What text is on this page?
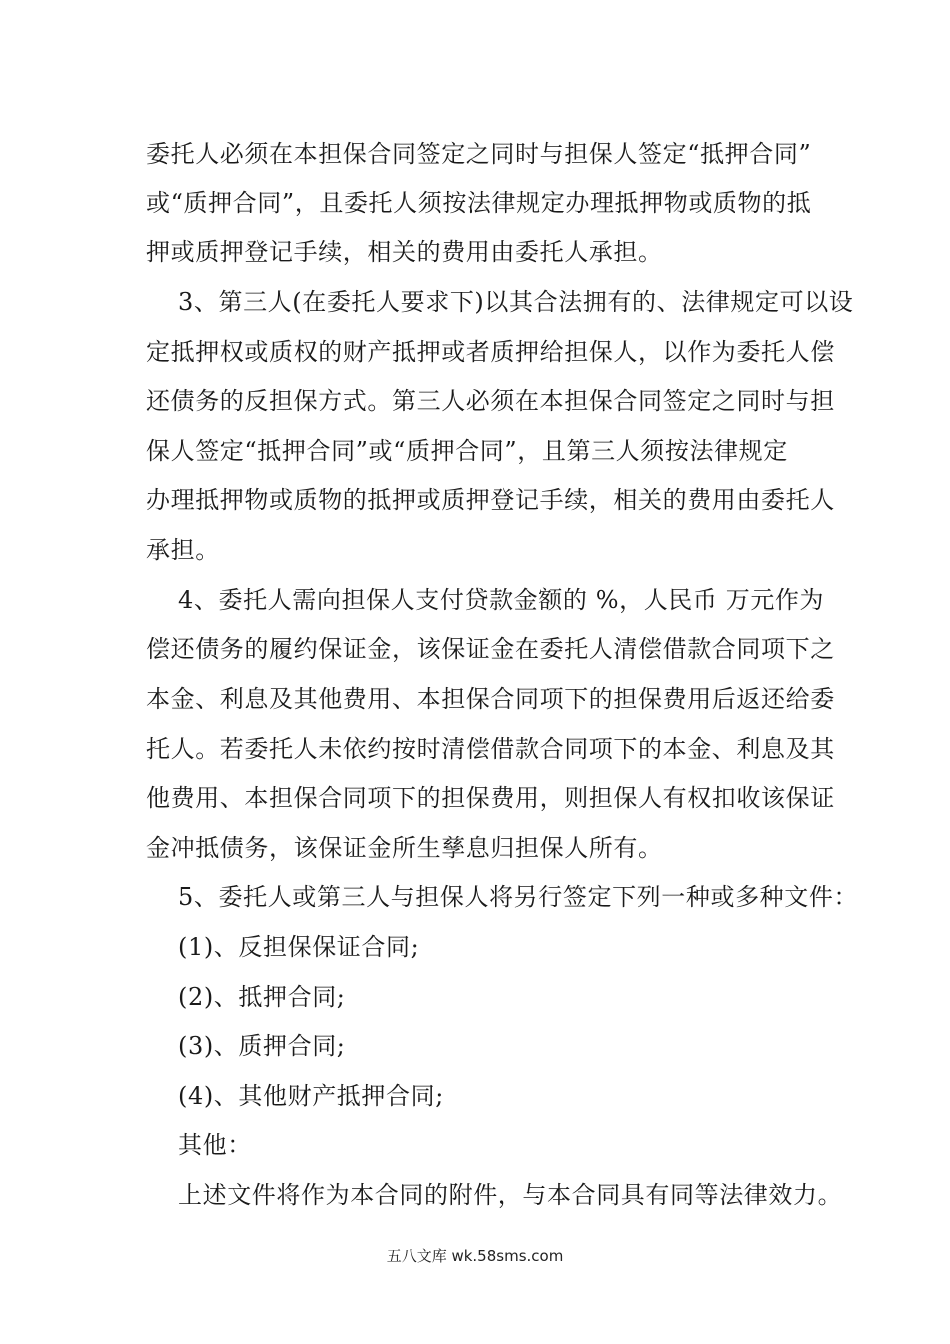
委托人必须在本担保合同签定之同时与担保人签定“抵押合同”
或“质押合同”，且委托人须按法律规定办理抵押物或质物的抵
押或质押登记手续，相关的费用由委托人承担。
3、第三人(在委托人要求下)以其合法拥有的、法律规定可以设
定抵押权或质权的财产抵押或者质押给担保人，以作为委托人偿
还债务的反担保方式。第三人必须在本担保合同签定之同时与担
保人签定“抵押合同”或“质押合同”，且第三人须按法律规定
办理抵押物或质物的抵押或质押登记手续，相关的费用由委托人
承担。
4、委托人需向担保人支付贷款金额的 %，人民币 万元作为
偿还债务的履约保证金，该保证金在委托人清偿借款合同项下之
本金、利息及其他费用、本担保合同项下的担保费用后返还给委
托人。若委托人未依约按时清偿借款合同项下的本金、利息及其
他费用、本担保合同项下的担保费用，则担保人有权扣收该保证
金冲抵债务，该保证金所生孳息归担保人所有。
5、委托人或第三人与担保人将另行签定下列一种或多种文件：
(1)、反担保保证合同;
(2)、抵押合同;
(3)、质押合同;
(4)、其他财产抵押合同;
其他：
上述文件将作为本合同的附件，与本合同具有同等法律效力。
五八文库 wk.58sms.com
